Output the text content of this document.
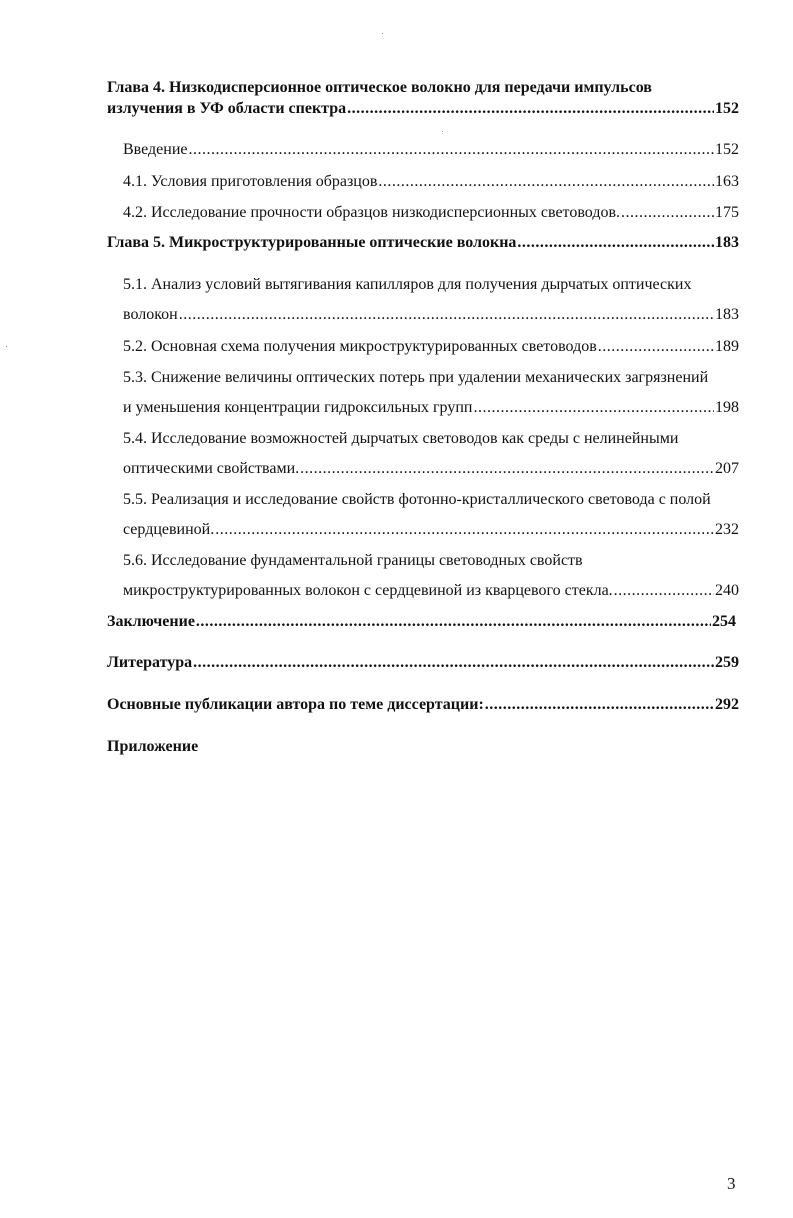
Глава 4. Низкодисперсионное оптическое волокно для передачи импульсов
излучения в УФ области спектра .....	152
Введение .....	152
4.1. Условия приготовления образцов .....	163
4.2. Исследование прочности образцов низкодисперсионных световодов. .....	175
Глава 5. Микроструктурированные оптические волокна .....	183
5.1. Анализ условий вытягивания капилляров для получения дырчатых оптических
волокон .....	183
5.2. Основная схема получения микроструктурированных световодов .....	189
5.3. Снижение величины оптических потерь при удалении механических загрязнений
и уменьшения концентрации гидроксильных групп .....	198
5.4. Исследование возможностей дырчатых световодов как среды с нелинейными
оптическими свойствами. .....	207
5.5. Реализация и исследование свойств фотонно-кристаллического световода с полой
сердцевиной. .....	232
5.6. Исследование фундаментальной границы световодных свойств
микроструктурированных волокон с сердцевиной из кварцевого стекла. .....	240
Заключение .....	254
Литература .....	259
Основные публикации автора по теме диссертации: .....	292
Приложение
3
